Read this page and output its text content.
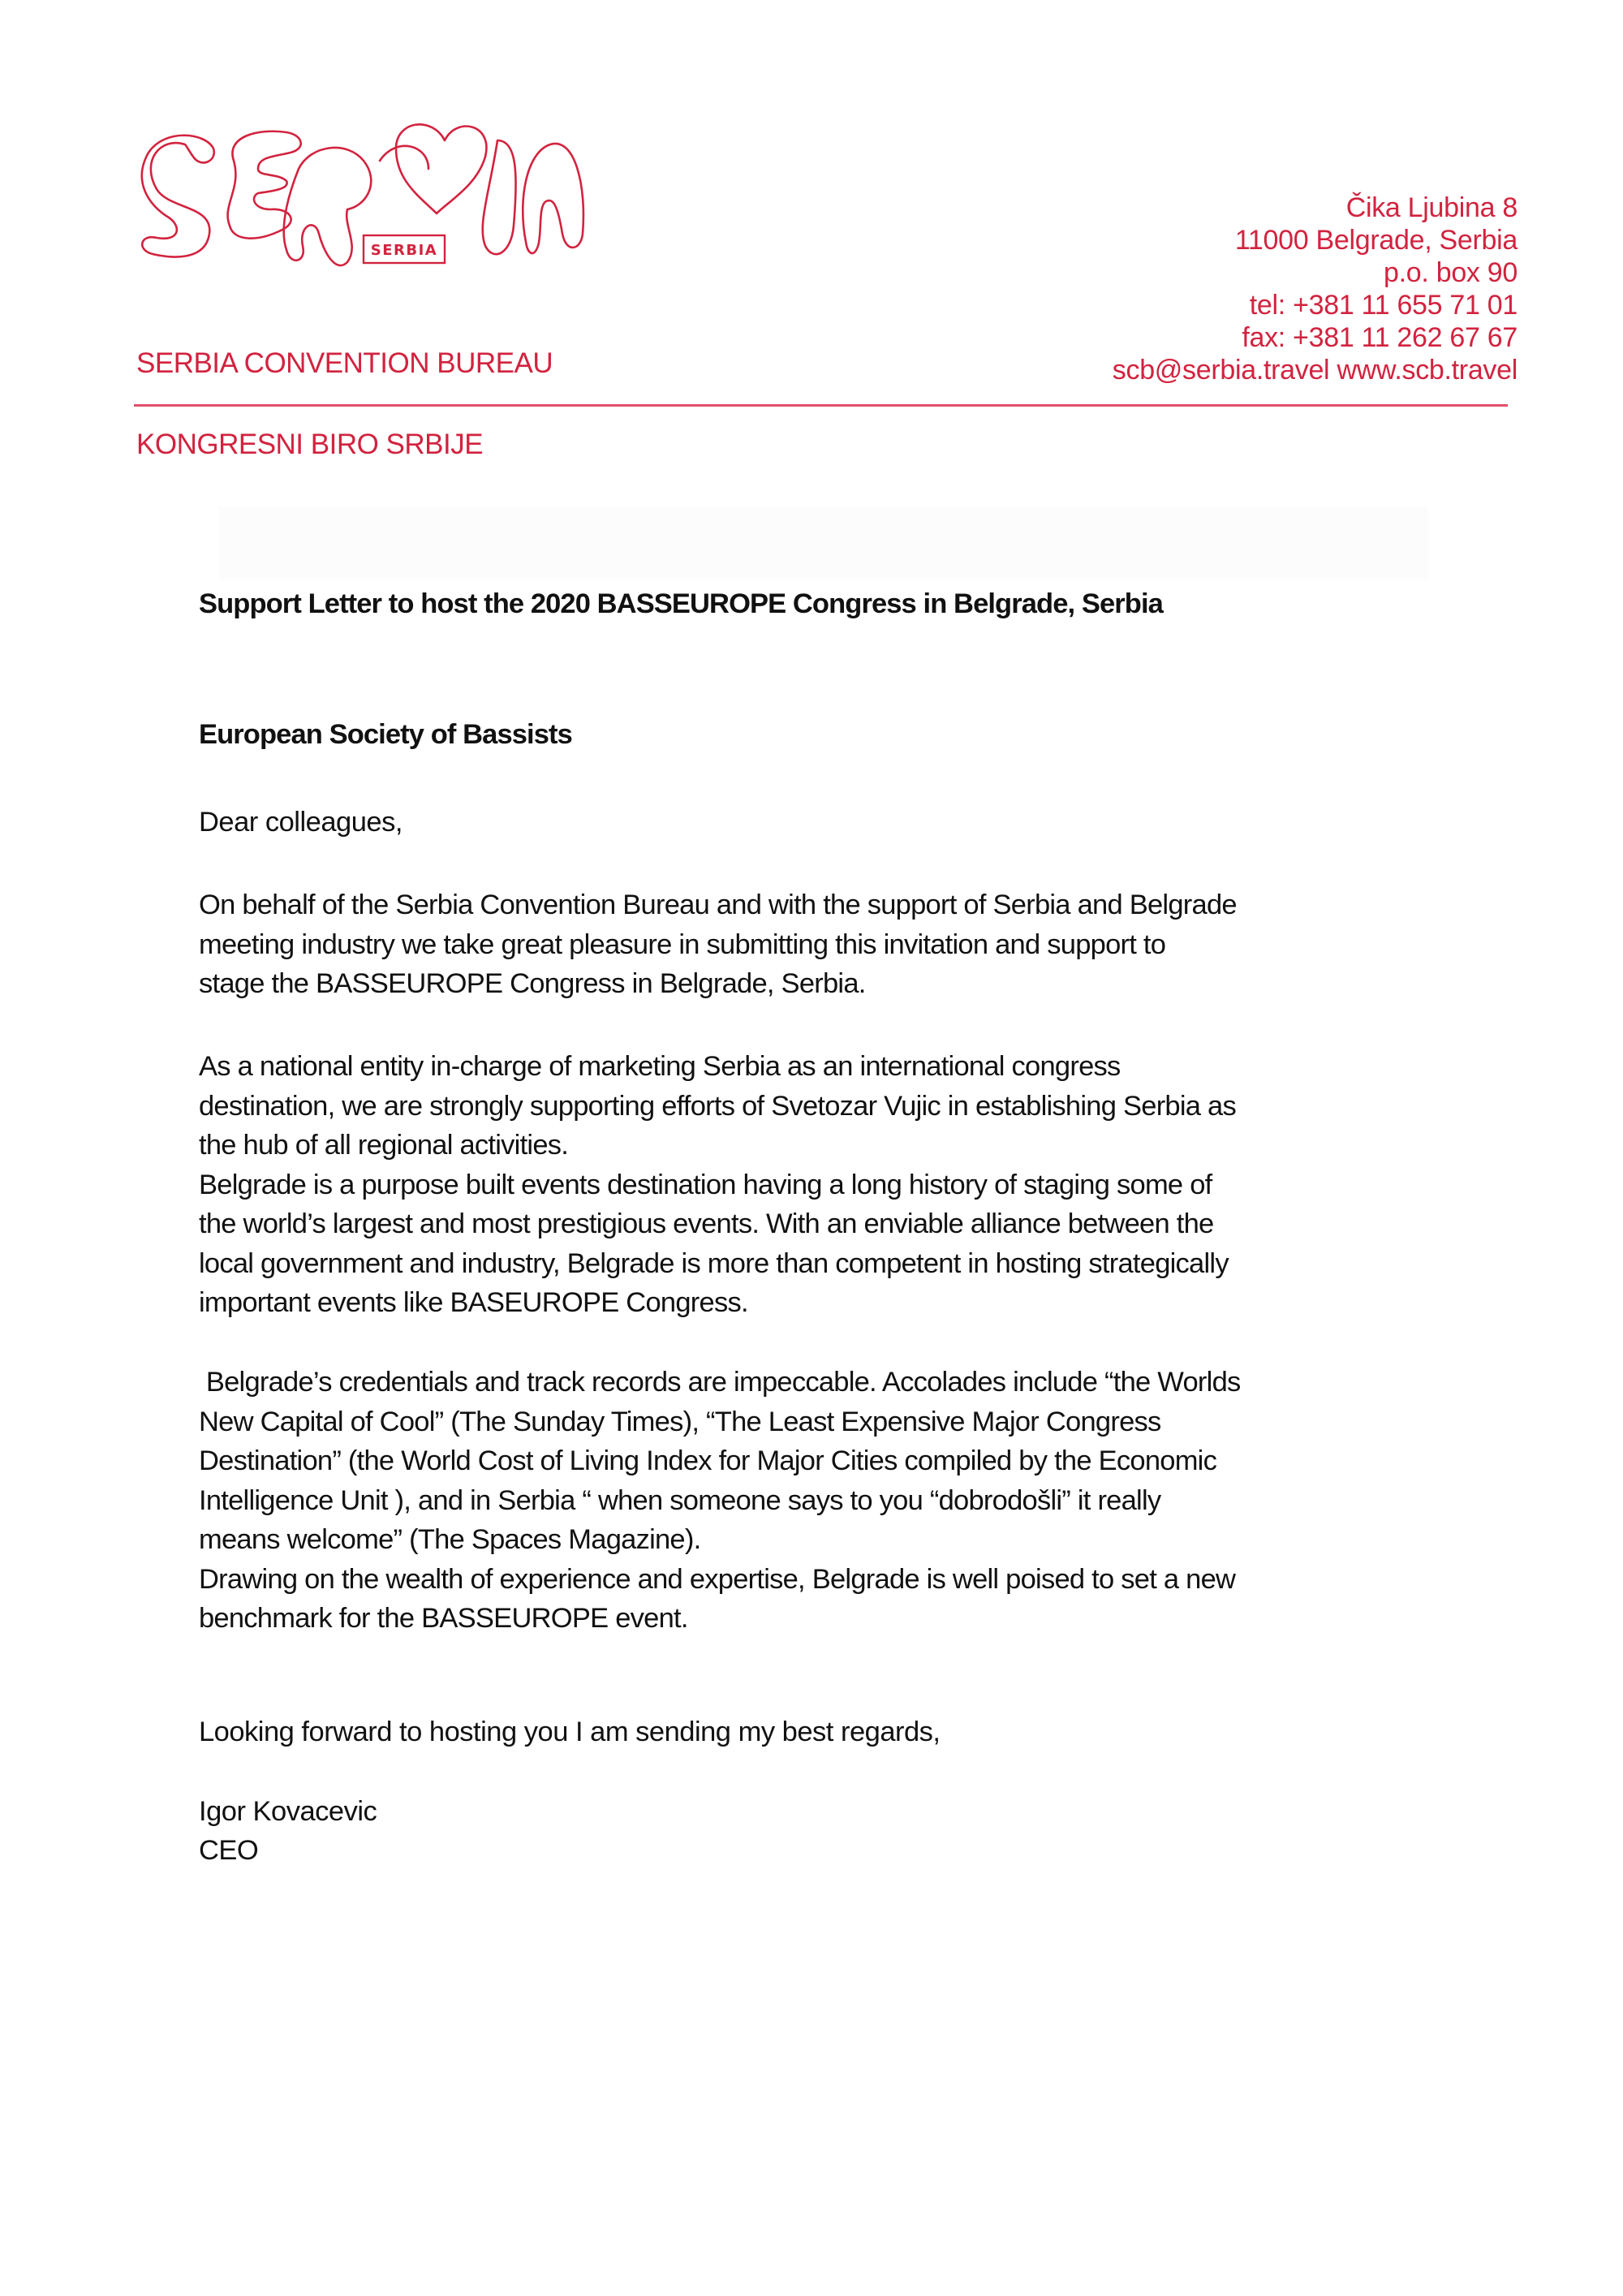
SERBIA
SERBIA CONVENTION BUREAU
KONGRESNI BIRO SRBIJE
Čika Ljubina 8
11000 Belgrade, Serbia
p.o. box 90
tel: +381 11 655 71 01
fax: +381 11 262 67 67
scb@serbia.travel www.scb.travel
Support Letter to host the 2020 BASSEUROPE Congress in Belgrade, Serbia
European Society of Bassists
Dear colleagues,
On behalf of the Serbia Convention Bureau and with the support of Serbia and Belgrade
meeting industry we take great pleasure in submitting this invitation and support to
stage the BASSEUROPE Congress in Belgrade, Serbia.
As a national entity in-charge of marketing Serbia as an international congress
destination, we are strongly supporting efforts of Svetozar Vujic in establishing Serbia as
the hub of all regional activities.
Belgrade is a purpose built events destination having a long history of staging some of
the world’s largest and most prestigious events. With an enviable alliance between the
local government and industry, Belgrade is more than competent in hosting strategically
important events like BASEUROPE Congress.
Belgrade’s credentials and track records are impeccable. Accolades include “the Worlds
New Capital of Cool” (The Sunday Times), “The Least Expensive Major Congress
Destination” (the World Cost of Living Index for Major Cities compiled by the Economic
Intelligence Unit ), and in Serbia “ when someone says to you “dobrodošli” it really
means welcome” (The Spaces Magazine).
Drawing on the wealth of experience and expertise, Belgrade is well poised to set a new
benchmark for the BASSEUROPE event.
Looking forward to hosting you I am sending my best regards,
Igor Kovacevic
CEO
